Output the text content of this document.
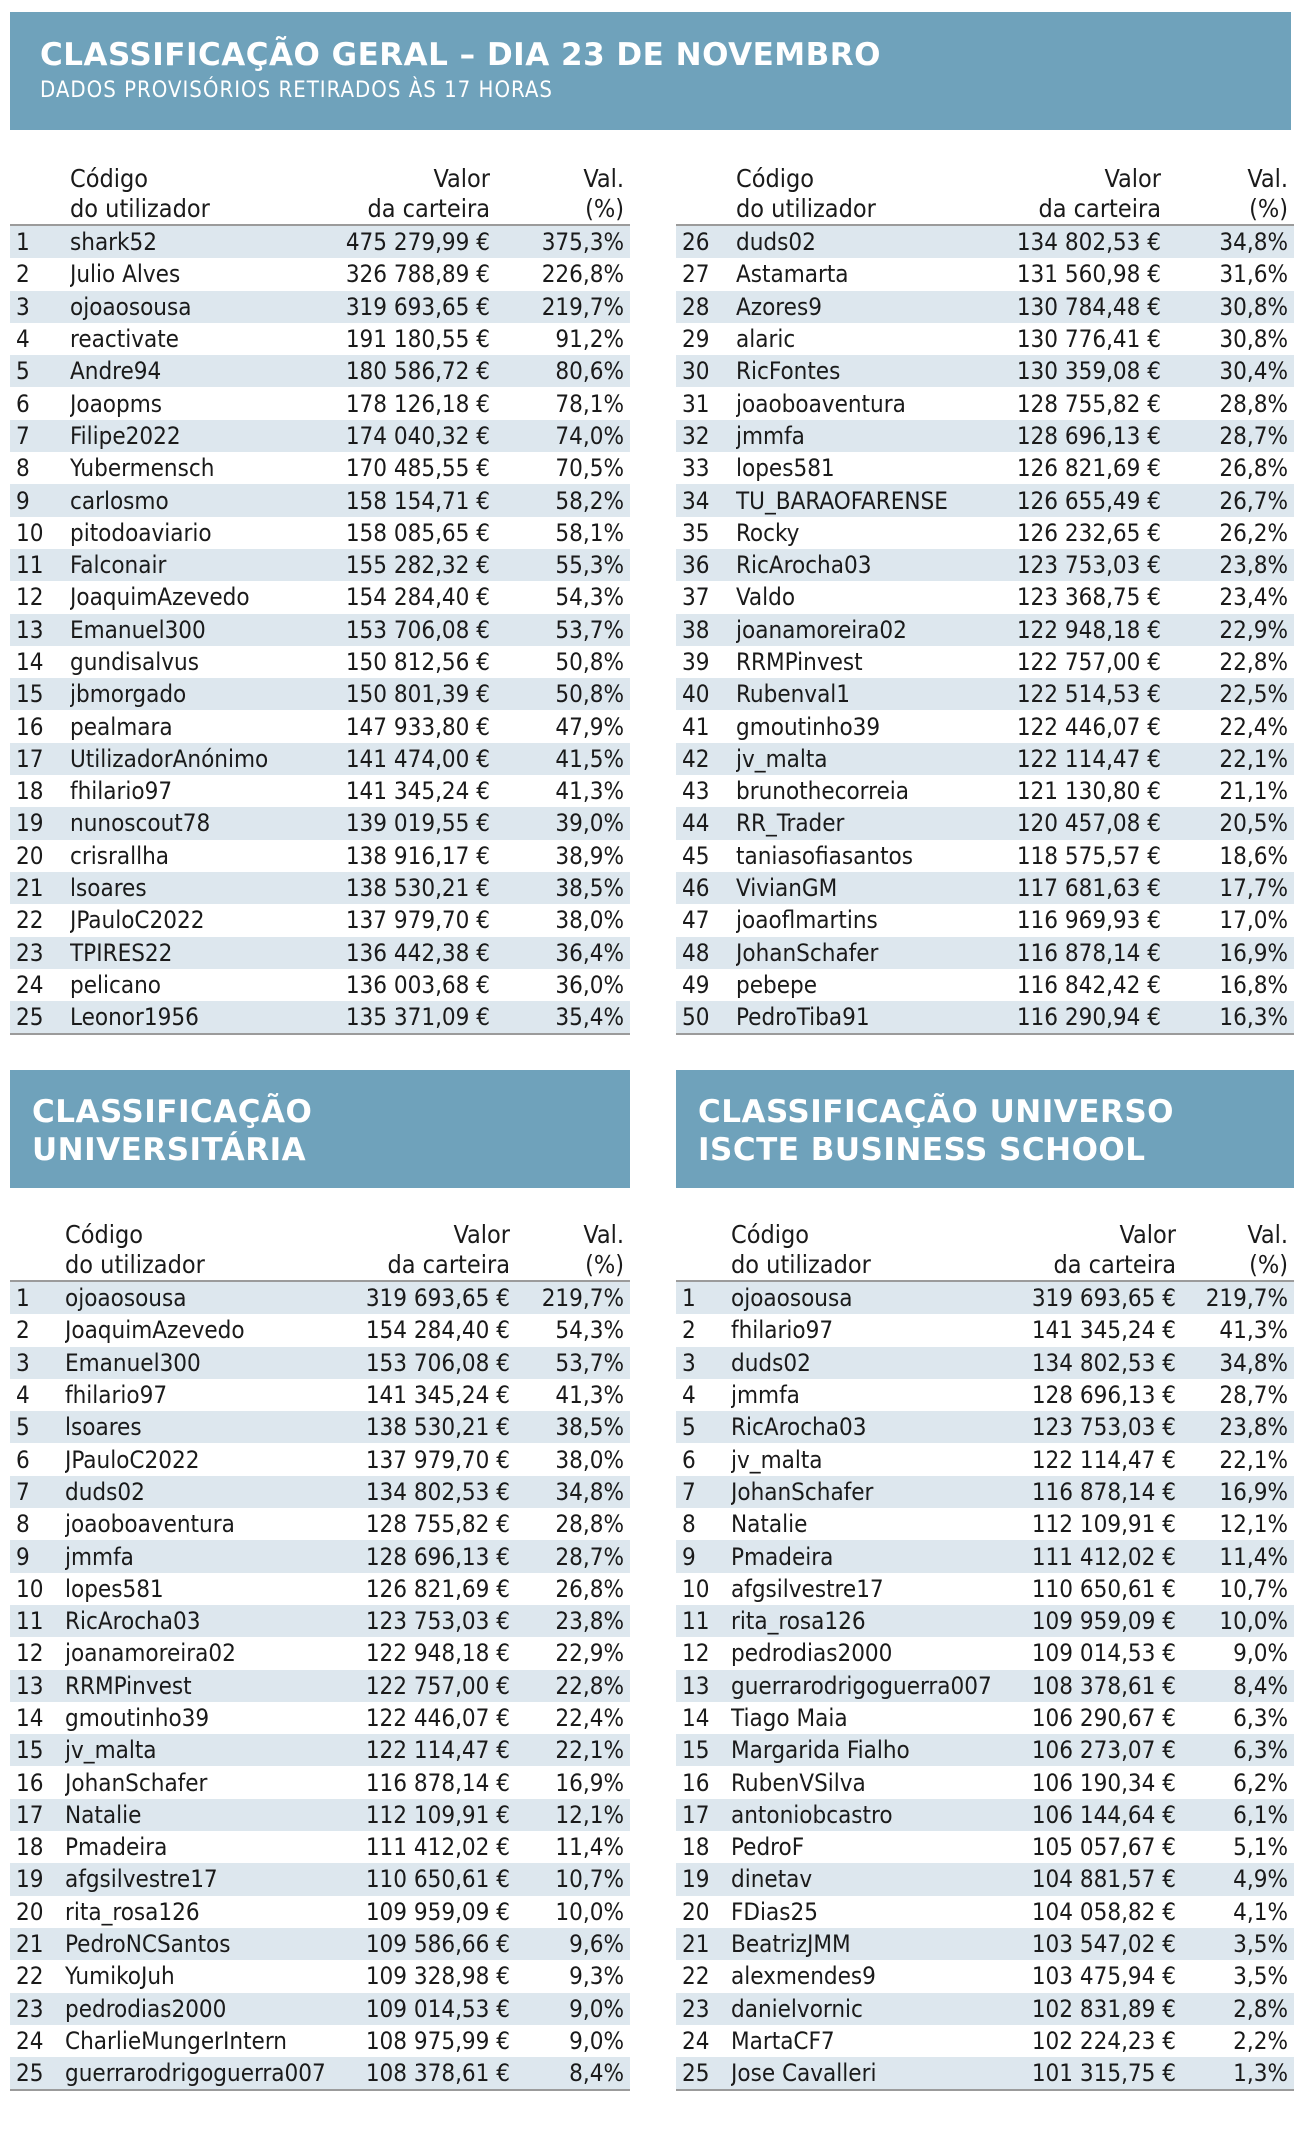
CLASSIFICAÇÃO GERAL – DIA 23 DE NOVEMBRO
DADOS PROVISÓRIOS RETIRADOS ÀS 17 HORAS
CLASSIFICAÇÃO
UNIVERSITÁRIA
CLASSIFICAÇÃO UNIVERSO
ISCTE BUSINESS SCHOOL
Código
do utilizador
Valor
da carteira
Val.
(%)
1	shark52	475 279,99 €	375,3%
2	Julio Alves	326 788,89 €	226,8%
3	ojoaosousa	319 693,65 €	219,7%
4	reactivate	191 180,55 €	91,2%
5	Andre94	180 586,72 €	80,6%
6	Joaopms	178 126,18 €	78,1%
7	Filipe2022	174 040,32 €	74,0%
8	Yubermensch	170 485,55 €	70,5%
9	carlosmo	158 154,71 €	58,2%
10	pitodoaviario	158 085,65 €	58,1%
11	Falconair	155 282,32 €	55,3%
12	JoaquimAzevedo	154 284,40 €	54,3%
13	Emanuel300	153 706,08 €	53,7%
14	gundisalvus	150 812,56 €	50,8%
15	jbmorgado	150 801,39 €	50,8%
16	pealmara	147 933,80 €	47,9%
17	UtilizadorAnónimo	141 474,00 €	41,5%
18	fhilario97	141 345,24 €	41,3%
19	nunoscout78	139 019,55 €	39,0%
20	crisrallha	138 916,17 €	38,9%
21	lsoares	138 530,21 €	38,5%
22	JPauloC2022	137 979,70 €	38,0%
23	TPIRES22	136 442,38 €	36,4%
24	pelicano	136 003,68 €	36,0%
25	Leonor1956	135 371,09 €	35,4%
Código
do utilizador
Valor
da carteira
Val.
(%)
26	duds02	134 802,53 €	34,8%
27	Astamarta	131 560,98 €	31,6%
28	Azores9	130 784,48 €	30,8%
29	alaric	130 776,41 €	30,8%
30	RicFontes	130 359,08 €	30,4%
31	joaoboaventura	128 755,82 €	28,8%
32	jmmfa	128 696,13 €	28,7%
33	lopes581	126 821,69 €	26,8%
34	TU_BARAOFARENSE	126 655,49 €	26,7%
35	Rocky	126 232,65 €	26,2%
36	RicArocha03	123 753,03 €	23,8%
37	Valdo	123 368,75 €	23,4%
38	joanamoreira02	122 948,18 €	22,9%
39	RRMPinvest	122 757,00 €	22,8%
40	Rubenval1	122 514,53 €	22,5%
41	gmoutinho39	122 446,07 €	22,4%
42	jv_malta	122 114,47 €	22,1%
43	brunothecorreia	121 130,80 €	21,1%
44	RR_Trader	120 457,08 €	20,5%
45	taniasofiasantos	118 575,57 €	18,6%
46	VivianGM	117 681,63 €	17,7%
47	joaoflmartins	116 969,93 €	17,0%
48	JohanSchafer	116 878,14 €	16,9%
49	pebepe	116 842,42 €	16,8%
50	PedroTiba91	116 290,94 €	16,3%
Código
do utilizador
Valor
da carteira
Val.
(%)
1	ojoaosousa	319 693,65 €	219,7%
2	JoaquimAzevedo	154 284,40 €	54,3%
3	Emanuel300	153 706,08 €	53,7%
4	fhilario97	141 345,24 €	41,3%
5	lsoares	138 530,21 €	38,5%
6	JPauloC2022	137 979,70 €	38,0%
7	duds02	134 802,53 €	34,8%
8	joaoboaventura	128 755,82 €	28,8%
9	jmmfa	128 696,13 €	28,7%
10 lopes581	126 821,69 €	26,8%
11 RicArocha03	123 753,03 €	23,8%
12 joanamoreira02	122 948,18 €	22,9%
13 RRMPinvest	122 757,00 €	22,8%
14 gmoutinho39	122 446,07 €	22,4%
15 jv_malta	122 114,47 €	22,1%
16 JohanSchafer	116 878,14 €	16,9%
17 Natalie	112 109,91 €	12,1%
18 Pmadeira	111 412,02 €	11,4%
19 afgsilvestre17	110 650,61 €	10,7%
20 rita_rosa126	109 959,09 €	10,0%
21 PedroNCSantos	109 586,66 €	9,6%
22 YumikoJuh	109 328,98 €	9,3%
23 pedrodias2000	109 014,53 €	9,0%
24 CharlieMungerIntern	108 975,99 €	9,0%
25 guerrarodrigoguerra007	108 378,61 €	8,4%
Código
do utilizador
Valor
da carteira
Val.
(%)
1	ojoaosousa	319 693,65 €	219,7%
2	fhilario97	141 345,24 €	41,3%
3	duds02	134 802,53 €	34,8%
4	jmmfa	128 696,13 €	28,7%
5	RicArocha03	123 753,03 €	23,8%
6	jv_malta	122 114,47 €	22,1%
7	JohanSchafer	116 878,14 €	16,9%
8	Natalie	112 109,91 €	12,1%
9	Pmadeira	111 412,02 €	11,4%
10 afgsilvestre17	110 650,61 €	10,7%
11 rita_rosa126	109 959,09 €	10,0%
12 pedrodias2000	109 014,53 €	9,0%
13 guerrarodrigoguerra007	108 378,61 €	8,4%
14 Tiago Maia	106 290,67 €	6,3%
15 Margarida Fialho	106 273,07 €	6,3%
16 RubenVSilva	106 190,34 €	6,2%
17 antoniobcastro	106 144,64 €	6,1%
18 PedroF	105 057,67 €	5,1%
19 dinetav	104 881,57 €	4,9%
20 FDias25	104 058,82 €	4,1%
21 BeatrizJMM	103 547,02 €	3,5%
22 alexmendes9	103 475,94 €	3,5%
23 danielvornic	102 831,89 €	2,8%
24 MartaCF7	102 224,23 €	2,2%
25 Jose Cavalleri	101 315,75 €	1,3%
